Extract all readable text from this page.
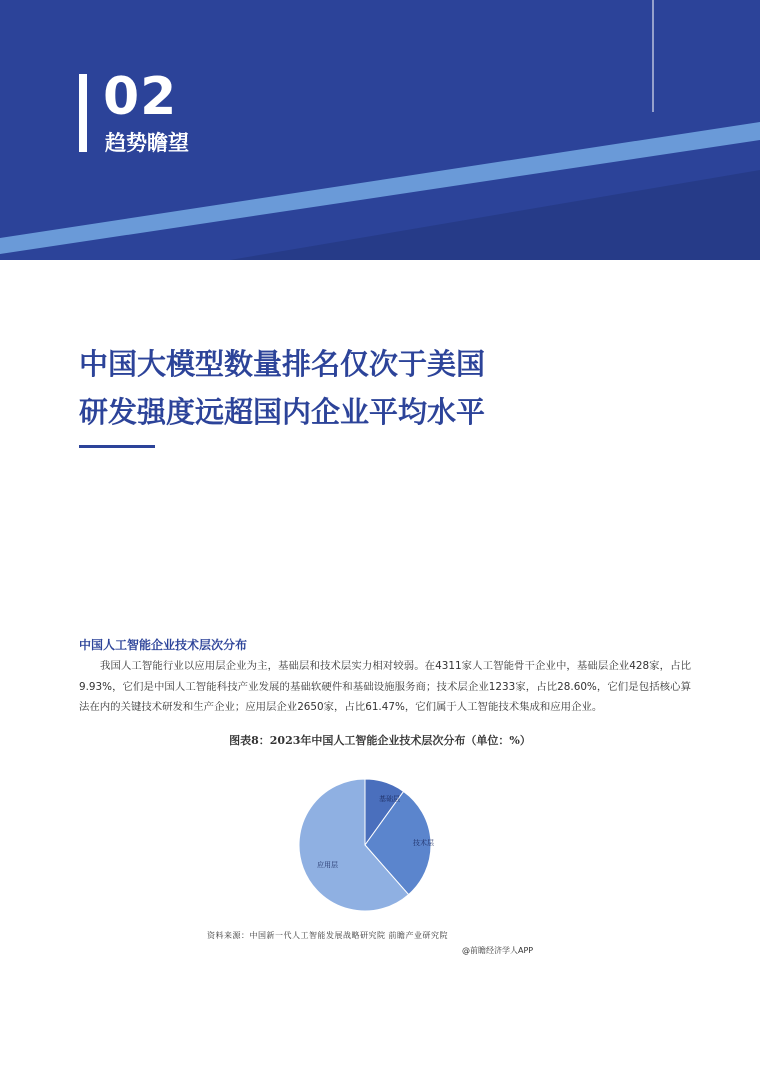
02
趋势瞻望
中国大模型数量排名仅次于美国
研发强度远超国内企业平均水平
中国人工智能企业技术层次分布
我国人工智能行业以应用层企业为主，基础层和技术层实力相对较弱。在4311家人工智能骨干企业中，基础层企业428家，占比9.93%，它们是中国人工智能科技产业发展的基础软硬件和基础设施服务商；技术层企业1233家，占比28.60%，它们是包括核心算法在内的关键技术研发和生产企业；应用层企业2650家，占比61.47%，它们属于人工智能技术集成和应用企业。
图表8：2023年中国人工智能企业技术层次分布（单位：%）
基础层
技术层
应用层
资料来源：中国新一代人工智能发展战略研究院 前瞻产业研究院
@前瞻经济学人APP
